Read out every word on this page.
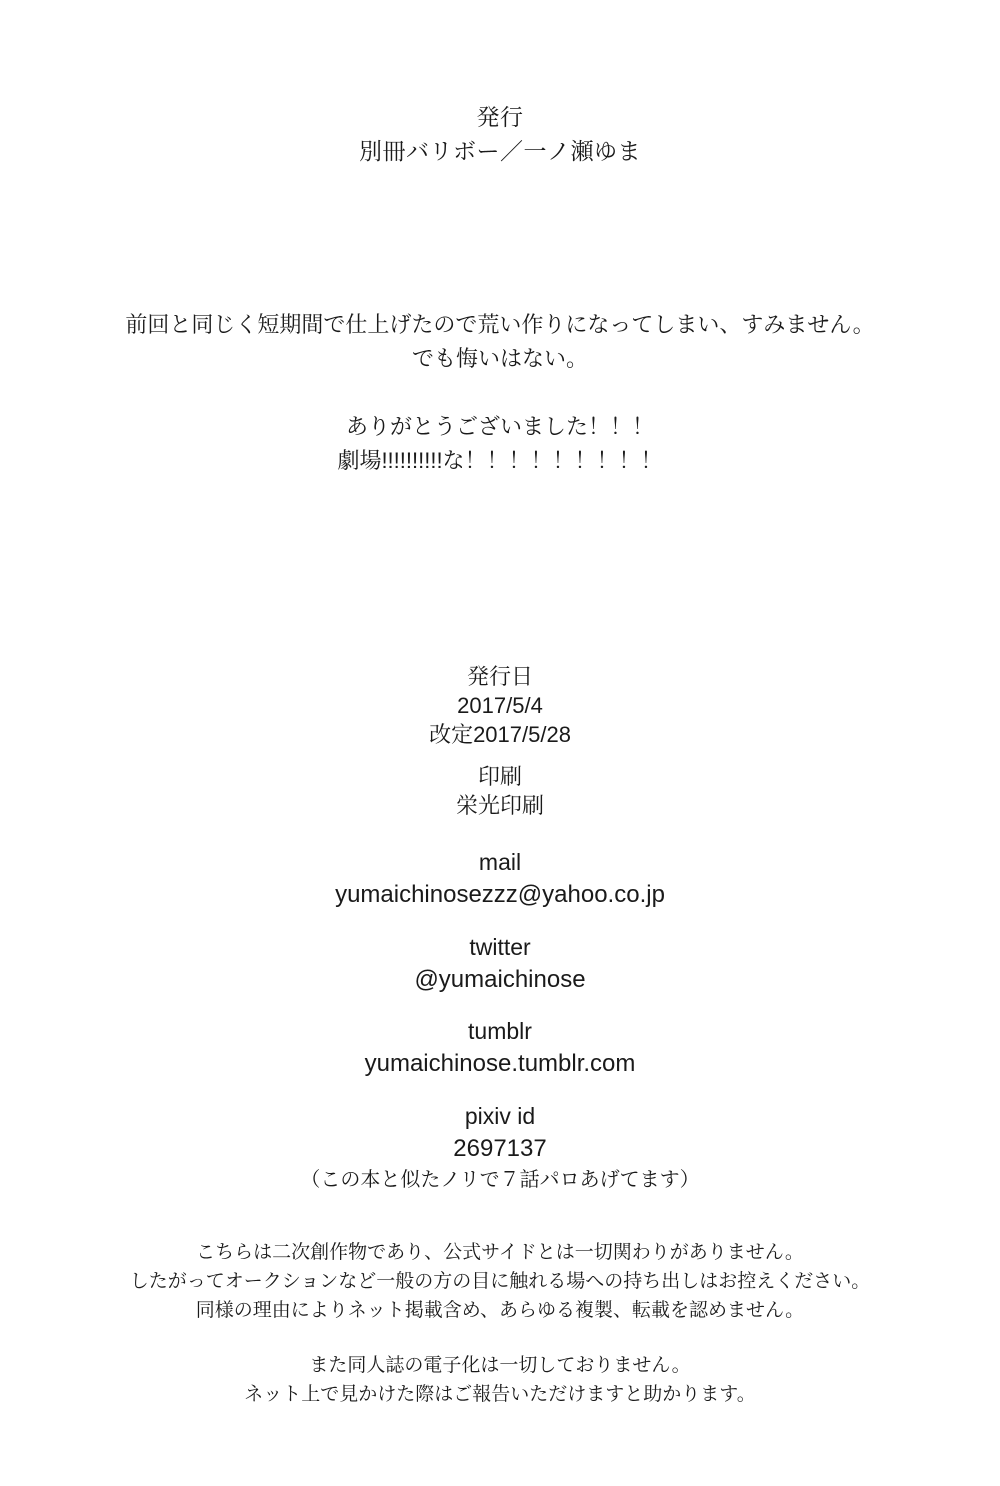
発行
別冊バリボー／一ノ瀬ゆま
前回と同じく短期間で仕上げたので荒い作りになってしまい、すみません。
でも悔いはない。
ありがとうございました！！！
劇場!!!!!!!!!!な！！！！！！！！！
発行日
2017/5/4
改定2017/5/28
印刷
栄光印刷
mail
yumaichinosezzz@yahoo.co.jp
twitter
@yumaichinose
tumblr
yumaichinose.tumblr.com
pixiv id
2697137
（この本と似たノリで７話パロあげてます）
こちらは二次創作物であり、公式サイドとは一切関わりがありません。
したがってオークションなど一般の方の目に触れる場への持ち出しはお控えください。
同様の理由によりネット掲載含め、あらゆる複製、転載を認めません。
また同人誌の電子化は一切しておりません。
ネット上で見かけた際はご報告いただけますと助かります。
